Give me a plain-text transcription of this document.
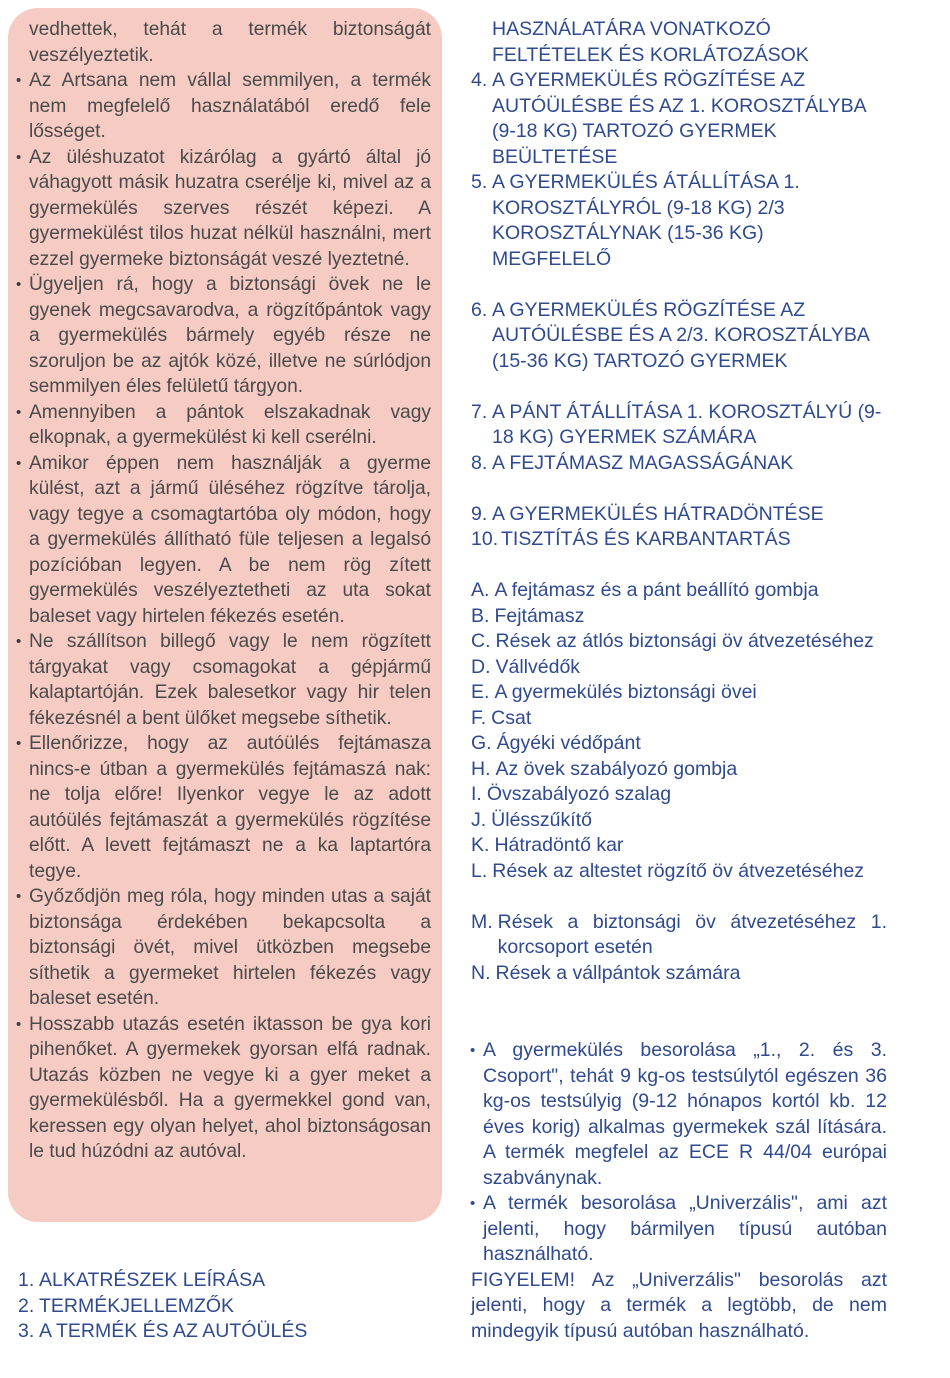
vedhettek, tehát a termék biztonságát veszélyeztetik.
• Az Artsana nem vállal semmilyen, a termék nem megfelelő használatából eredő fele lősséget.
• Az üléshuzatot kizárólag a gyártó által jó váhagyott másik huzatra cserélje ki, mivel az a gyermekülés szerves részét képezi. A gyermekülést tilos huzat nélkül használni, mert ezzel gyermeke biztonságát veszé lyeztetné.
• Ügyeljen rá, hogy a biztonsági övek ne le gyenek megcsavarodva, a rögzítőpántok vagy a gyermekülés bármely egyéb része ne szoruljon be az ajtók közé, illetve ne súrlódjon semmilyen éles felületű tárgyon.
• Amennyiben a pántok elszakadnak vagy elkopnak, a gyermekülést ki kell cserélni.
• Amikor éppen nem használják a gyerme külést, azt a jármű üléséhez rögzítve tárolja, vagy tegye a csomagtartóba oly módon, hogy a gyermekülés állítható füle teljesen a legalsó pozícióban legyen. A be nem rög zített gyermekülés veszélyeztetheti az uta sokat baleset vagy hirtelen fékezés esetén.
• Ne szállítson billegő vagy le nem rögzített tárgyakat vagy csomagokat a gépjármű kalaptartóján. Ezek balesetkor vagy hir telen fékezésnél a bent ülőket megsebe síthetik.
• Ellenőrizze, hogy az autóülés fejtámasza nincs-e útban a gyermekülés fejtámaszá nak: ne tolja előre! Ilyenkor vegye le az adott autóülés fejtámaszát a gyermekülés rögzítése előtt. A levett fejtámaszt ne a ka laptartóra tegye.
• Győződjön meg róla, hogy minden utas a saját biztonsága érdekében bekapcsolta a biztonsági övét, mivel ütközben megsebe síthetik a gyermeket hirtelen fékezés vagy baleset esetén.
• Hosszabb utazás esetén iktasson be gya kori pihenőket. A gyermekek gyorsan elfá radnak. Utazás közben ne vegye ki a gyer meket a gyermekülésből. Ha a gyermekkel gond van, keressen egy olyan helyet, ahol biztonságosan le tud húzódni az autóval.
1. ALKATRÉSZEK LEÍRÁSA
2. TERMÉKJELLEMZŐK
3. A TERMÉK ÉS AZ AUTÓÜLÉS
HASZNÁLATÁRA VONATKOZÓ FELTÉTELEK ÉS KORLÁTOZÁSOK
4. A GYERMEKÜLÉS RÖGZÍTÉSE AZ AUTÓÜLÉSBE ÉS AZ 1. KOROSZTÁLYBA (9-18 KG) TARTOZÓ GYERMEK BEÜLTETÉSE
5. A GYERMEKÜLÉS ÁTÁLLÍTÁSA 1. KOROSZTÁLYRÓL (9-18 KG) 2/3 KOROSZTÁLYNAK (15-36 KG) MEGFELELŐ
6. A GYERMEKÜLÉS RÖGZÍTÉSE AZ AUTÓÜLÉSBE ÉS A 2/3. KOROSZTÁLYBA (15-36 KG) TARTOZÓ GYERMEK
7. A PÁNT ÁTÁLLÍTÁSA 1. KOROSZTÁLYÚ (9-18 KG) GYERMEK SZÁMÁRA
8. A FEJTÁMASZ MAGASSÁGÁNAK
9. A GYERMEKÜLÉS HÁTRADÖNTÉSE
10. TISZTÍTÁS ÉS KARBANTARTÁS
A. A fejtámasz és a pánt beállító gombja
B. Fejtámasz
C. Rések az átlós biztonsági öv átvezetéséhez
D. Vállvédők
E. A gyermekülés biztonsági övei
F. Csat
G. Ágyéki védőpánt
H. Az övek szabályozó gombja
I. Övszabályozó szalag
J. Ülésszűkítő
K. Hátradöntő kar
L. Rések az altestet rögzítő öv átvezetéséhez
M. Rések a biztonsági öv átvezetéséhez 1. korcsoport esetén
N. Rések a vállpántok számára
• A gyermekülés besorolása „1., 2. és 3. Csoport", tehát 9 kg-os testsúlytól egészen 36 kg-os testsúlyig (9-12 hónapos kortól kb. 12 éves korig) alkalmas gyermekek szál lítására. A termék megfelel az ECE R 44/04 európai szabványnak.
• A termék besorolása „Univerzális", ami azt jelenti, hogy bármilyen típusú autóban használható.
FIGYELEM! Az „Univerzális" besorolás azt jelenti, hogy a termék a legtöbb, de nem mindegyik típusú autóban használható.
